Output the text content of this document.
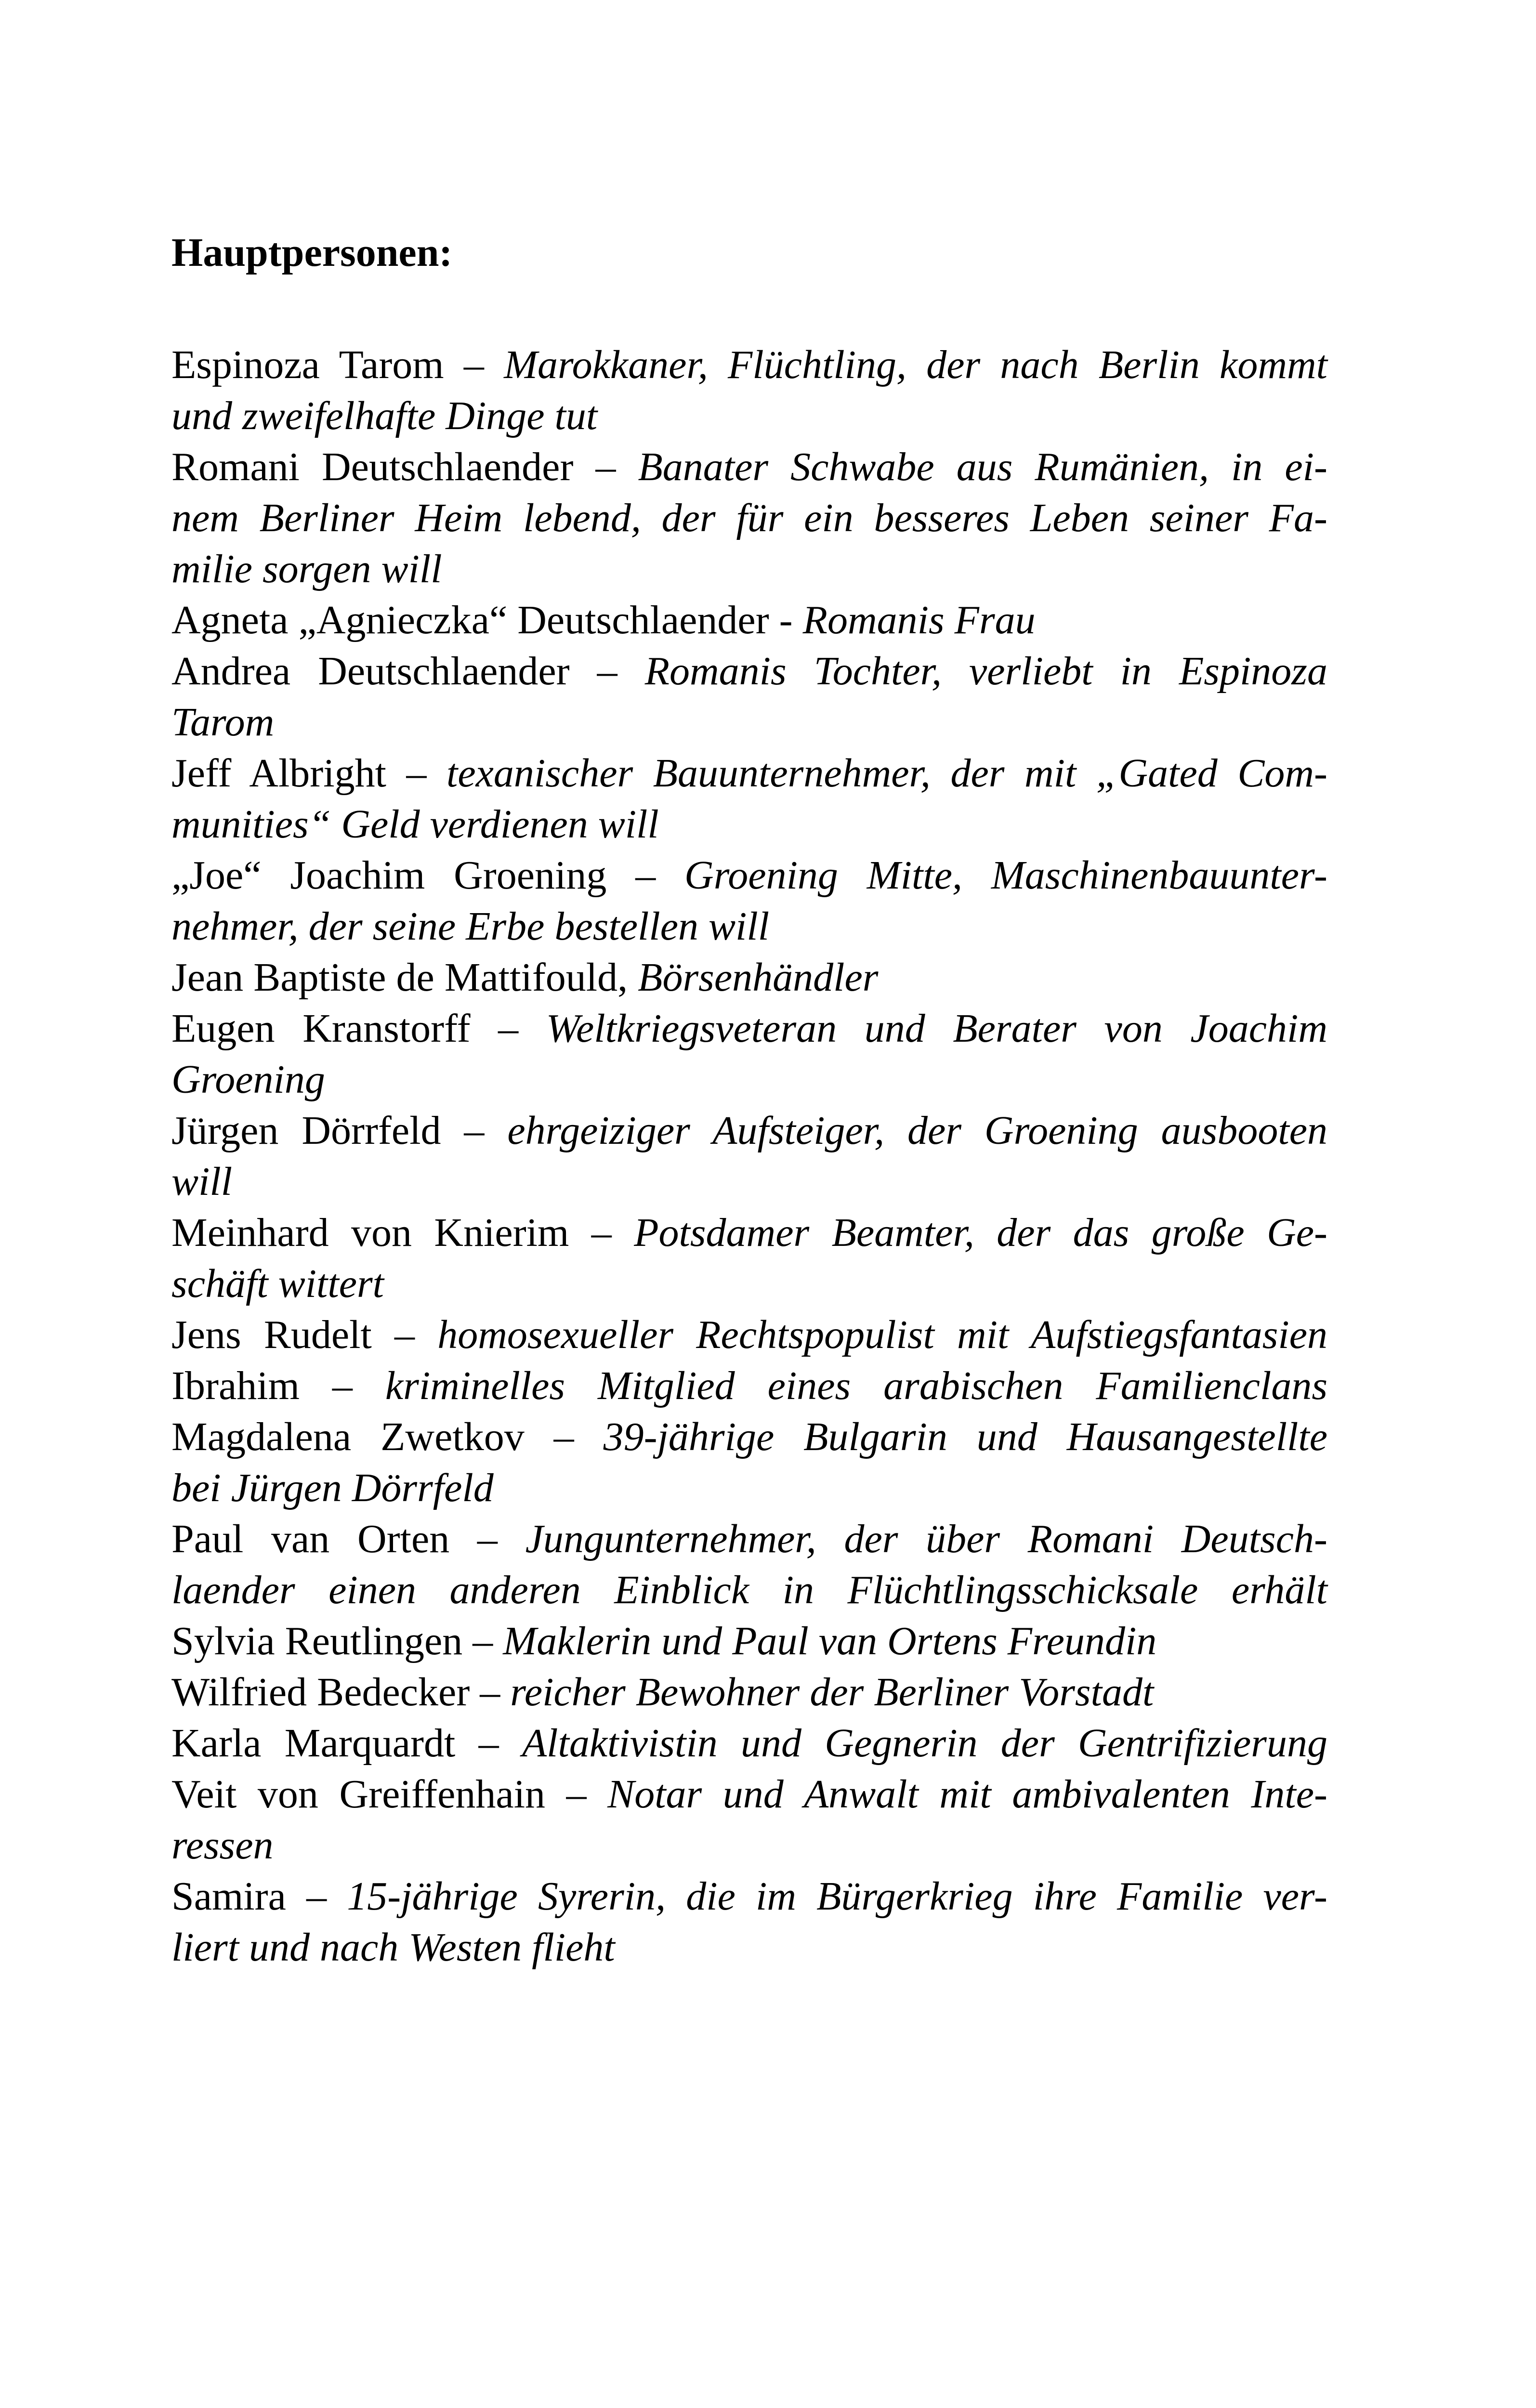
Hauptpersonen:
Espinoza Tarom – Marokkaner, Flüchtling, der nach Berlin kommt
und zweifelhafte Dinge tut
Romani Deutschlaender – Banater Schwabe aus Rumänien, in ei-
nem Berliner Heim lebend, der für ein besseres Leben seiner Fa-
milie sorgen will
Agneta „Agnieczka“ Deutschlaender - Romanis Frau
Andrea Deutschlaender – Romanis Tochter, verliebt in Espinoza
Tarom
Jeff Albright – texanischer Bauunternehmer, der mit „Gated Com-
munities“ Geld verdienen will
„Joe“ Joachim Groening – Groening Mitte, Maschinenbauunter-
nehmer, der seine Erbe bestellen will
Jean Baptiste de Mattifould, Börsenhändler
Eugen Kranstorff – Weltkriegsveteran und Berater von Joachim
Groening
Jürgen Dörrfeld – ehrgeiziger Aufsteiger, der Groening ausbooten
will
Meinhard von Knierim – Potsdamer Beamter, der das große Ge-
schäft wittert
Jens Rudelt – homosexueller Rechtspopulist mit Aufstiegsfantasien
Ibrahim – kriminelles Mitglied eines arabischen Familienclans
Magdalena Zwetkov – 39-jährige Bulgarin und Hausangestellte
bei Jürgen Dörrfeld
Paul van Orten – Jungunternehmer, der über Romani Deutsch-
laender einen anderen Einblick in Flüchtlingsschicksale erhält
Sylvia Reutlingen – Maklerin und Paul van Ortens Freundin
Wilfried Bedecker – reicher Bewohner der Berliner Vorstadt
Karla Marquardt – Altaktivistin und Gegnerin der Gentrifizierung
Veit von Greiffenhain – Notar und Anwalt mit ambivalenten Inte-
ressen
Samira – 15-jährige Syrerin, die im Bürgerkrieg ihre Familie ver-
liert und nach Westen flieht
